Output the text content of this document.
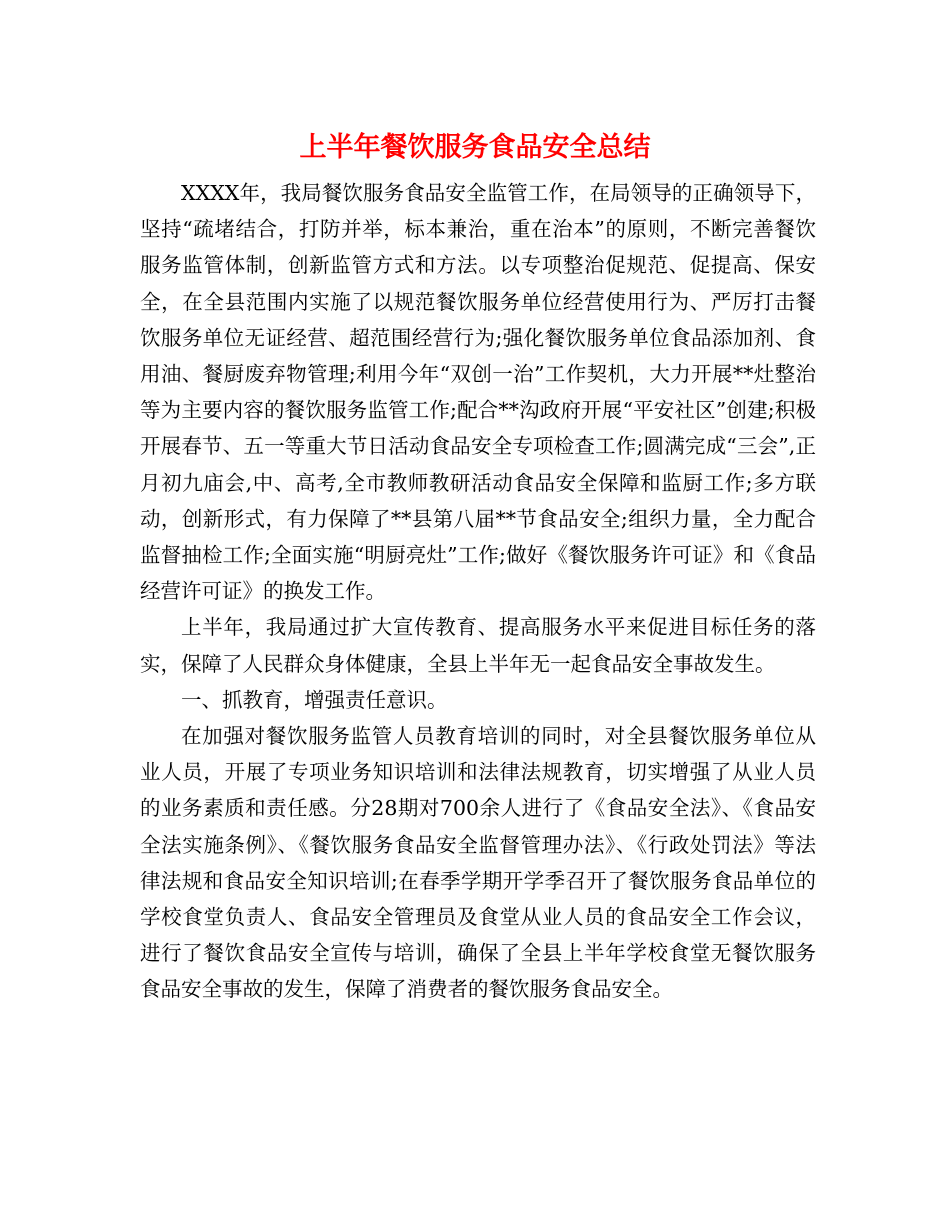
上半年餐饮服务食品安全总结

XXXX年，我局餐饮服务食品安全监管工作，在局领导的正确领导下，坚持“疏堵结合，打防并举，标本兼治，重在治本”的原则，不断完善餐饮服务监管体制，创新监管方式和方法。以专项整治促规范、促提高、保安全，在全县范围内实施了以规范餐饮服务单位经营使用行为、严厉打击餐饮服务单位无证经营、超范围经营行为;强化餐饮服务单位食品添加剂、食用油、餐厨废弃物管理;利用今年“双创一治”工作契机，大力开展**灶整治等为主要内容的餐饮服务监管工作;配合**沟政府开展“平安社区”创建;积极开展春节、五一等重大节日活动食品安全专项检查工作;圆满完成“三会”,正月初九庙会,中、高考,全市教师教研活动食品安全保障和监厨工作;多方联动，创新形式，有力保障了**县第八届**节食品安全;组织力量，全力配合监督抽检工作;全面实施“明厨亮灶”工作;做好《餐饮服务许可证》和《食品经营许可证》的换发工作。

上半年，我局通过扩大宣传教育、提高服务水平来促进目标任务的落实，保障了人民群众身体健康，全县上半年无一起食品安全事故发生。

一、抓教育，增强责任意识。

在加强对餐饮服务监管人员教育培训的同时，对全县餐饮服务单位从业人员，开展了专项业务知识培训和法律法规教育，切实增强了从业人员的业务素质和责任感。分28期对700余人进行了《食品安全法》、《食品安全法实施条例》、《餐饮服务食品安全监督管理办法》、《行政处罚法》等法律法规和食品安全知识培训;在春季学期开学季召开了餐饮服务食品单位的学校食堂负责人、食品安全管理员及食堂从业人员的食品安全工作会议，进行了餐饮食品安全宣传与培训，确保了全县上半年学校食堂无餐饮服务食品安全事故的发生，保障了消费者的餐饮服务食品安全。
